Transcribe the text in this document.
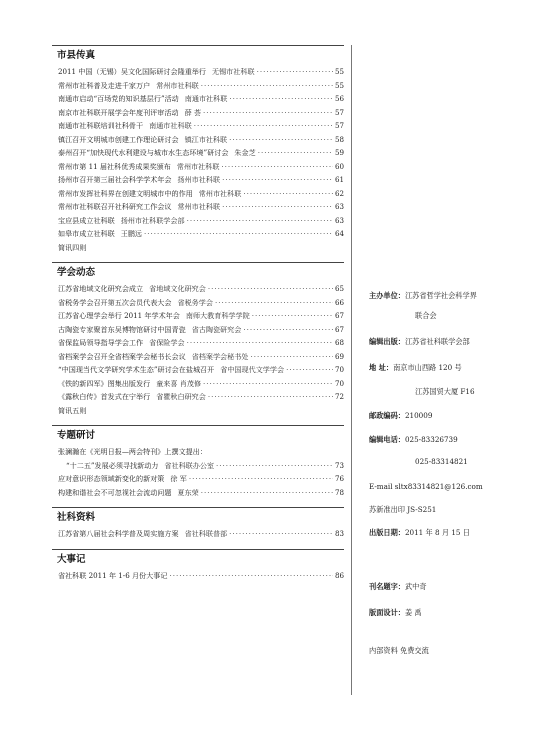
市县传真
2011 中国（无锡）吴文化国际研讨会隆重举行 无锡市社科联 ·····	55
常州市社科普及走进千家万户 常州市社科联 ·····	55
南通市启动“百场党的知识基层行”活动 南通市社科联 ·····	56
南京市社科联开展学会年度刊评审活动 薛 荟 ·····	57
南通市社科联培训社科骨干 南通市社科联 ·····	57
镇江召开文明城市创建工作理论研讨会 镇江市社科联 ·····	58
泰州召开“加快现代水利建设与城市水生态环境”研讨会 朱金芝 ·····	59
常州市第 11 届社科优秀成果奖颁布 常州市社科联 ·····	60
扬州市召开第三届社会科学学术年会 扬州市社科联 ·····	61
常州市发挥社科界在创建文明城市中的作用 常州市社科联 ·····	62
常州市社科联召开社科研究工作会议 常州市社科联 ·····	63
宝应县成立社科联 扬州市社科联学会部 ·····	63
如皋市成立社科联 王鹏远 ·····	64
简讯四则
学会动态
江苏省地域文化研究会成立 省地域文化研究会 ·····	65
省税务学会召开第五次会员代表大会 省税务学会 ·····	66
江苏省心理学会举行 2011 年学术年会 南师大教育科学学院 ·····	67
古陶瓷专家聚首东吴博物馆研讨中国青瓷 省古陶瓷研究会 ·····	67
省保监局领导指导学会工作 省保险学会 ·····	68
省档案学会召开全省档案学会秘书长会议 省档案学会秘书处 ·····	69
“中国现当代文学研究学术生态”研讨会在盐城召开 省中国现代文学学会 ·····	70
《铁的新四军》图集出版发行 童来喜 肖茂修 ·····	70
《露秋白传》首发式在宁举行 省瞿秋白研究会 ·····	72
简讯五则
专题研讨
张澜瀚在《光明日报—两会特刊》上撰文提出：
“十二五”发展必须寻找新动力 省社科联办公室 ·····	73
应对意识形态领域新变化的新对策 徐 军 ·····	76
构建和谐社会不可忽视社会流动问题 夏东荣 ·····	78
社科资料
江苏省第八届社会科学普及周实施方案 省社科联普部 ·····	83
大事记
省社科联 2011 年 1-6 月份大事记 ·····	86
主办单位： 江苏省哲学社会科学界
联合会
编辑出版： 江苏省社科联学会部
地 址： 南京市山西路 120 号
江苏国贸大厦 F16
邮政编码： 210009
编辑电话： 025-83326739
025-83314821
E-mail sltx83314821@126.com
苏新准出印 JS-S251
出版日期： 2011 年 8 月 15 日
刊名题字： 武中奇
版面设计： 姜 禹
内部资料 免费交流
